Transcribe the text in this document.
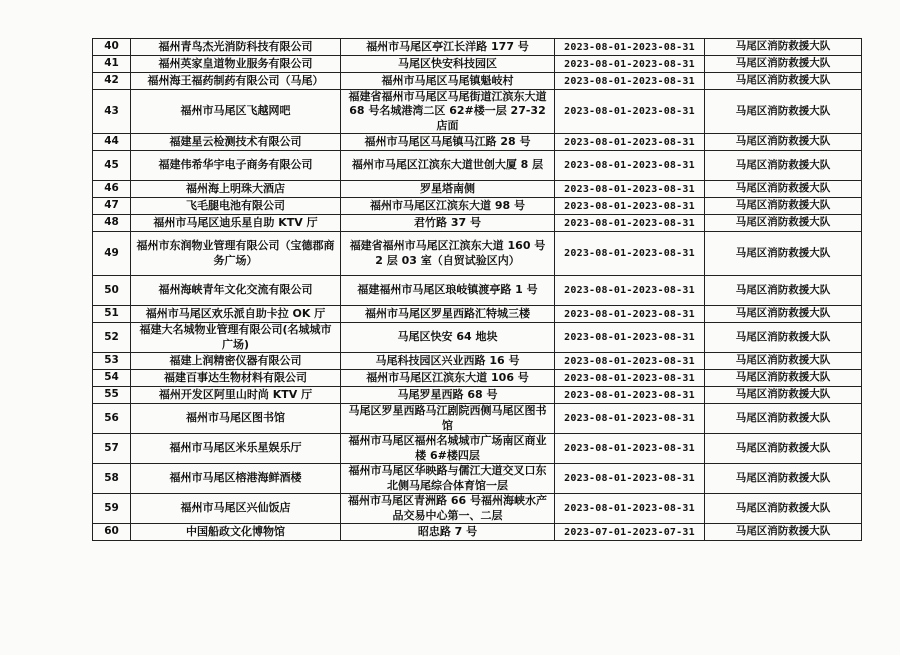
40	福州青鸟杰光消防科技有限公司	福州市马尾区亭江长洋路 177 号	2023-08-01-2023-08-31	马尾区消防救援大队
41	福州英家皇道物业服务有限公司	马尾区快安科技园区	2023-08-01-2023-08-31	马尾区消防救援大队
42	福州海王福药制药有限公司（马尾）	福州市马尾区马尾镇魁岐村	2023-08-01-2023-08-31	马尾区消防救援大队
43	福州市马尾区飞越网吧	福建省福州市马尾区马尾街道江滨东大道 68 号名城港湾二区 62#楼一层 27-32 店面	2023-08-01-2023-08-31	马尾区消防救援大队
44	福建星云检测技术有限公司	福州市马尾区马尾镇马江路 28 号	2023-08-01-2023-08-31	马尾区消防救援大队
45	福建伟希华宇电子商务有限公司	福州市马尾区江滨东大道世创大厦 8 层	2023-08-01-2023-08-31	马尾区消防救援大队
46	福州海上明珠大酒店	罗星塔南侧	2023-08-01-2023-08-31	马尾区消防救援大队
47	飞毛腿电池有限公司	福州市马尾区江滨东大道 98 号	2023-08-01-2023-08-31	马尾区消防救援大队
48	福州市马尾区迪乐星自助 KTV 厅	君竹路 37 号	2023-08-01-2023-08-31	马尾区消防救援大队
49	福州市东润物业管理有限公司（宝德郡商务广场）	福建省福州市马尾区江滨东大道 160 号 2 层 03 室（自贸试验区内）	2023-08-01-2023-08-31	马尾区消防救援大队
50	福州海峡青年文化交流有限公司	福建福州市马尾区琅岐镇渡亭路 1 号	2023-08-01-2023-08-31	马尾区消防救援大队
51	福州市马尾区欢乐派自助卡拉 OK 厅	福州市马尾区罗星西路汇特城三楼	2023-08-01-2023-08-31	马尾区消防救援大队
52	福建大名城物业管理有限公司(名城城市广场)	马尾区快安 64 地块	2023-08-01-2023-08-31	马尾区消防救援大队
53	福建上润精密仪器有限公司	马尾科技园区兴业西路 16 号	2023-08-01-2023-08-31	马尾区消防救援大队
54	福建百事达生物材料有限公司	福州市马尾区江滨东大道 106 号	2023-08-01-2023-08-31	马尾区消防救援大队
55	福州开发区阿里山时尚 KTV 厅	马尾罗星西路 68 号	2023-08-01-2023-08-31	马尾区消防救援大队
56	福州市马尾区图书馆	马尾区罗星西路马江剧院西侧马尾区图书馆	2023-08-01-2023-08-31	马尾区消防救援大队
57	福州市马尾区米乐星娱乐厅	福州市马尾区福州名城城市广场南区商业楼 6#楼四层	2023-08-01-2023-08-31	马尾区消防救援大队
58	福州市马尾区榕港海鲜酒楼	福州市马尾区华映路与儒江大道交叉口东北侧马尾综合体育馆一层	2023-08-01-2023-08-31	马尾区消防救援大队
59	福州市马尾区兴仙饭店	福州市马尾区青洲路 66 号福州海峡水产品交易中心第一、二层	2023-08-01-2023-08-31	马尾区消防救援大队
60	中国船政文化博物馆	昭忠路 7 号	2023-07-01-2023-07-31	马尾区消防救援大队
